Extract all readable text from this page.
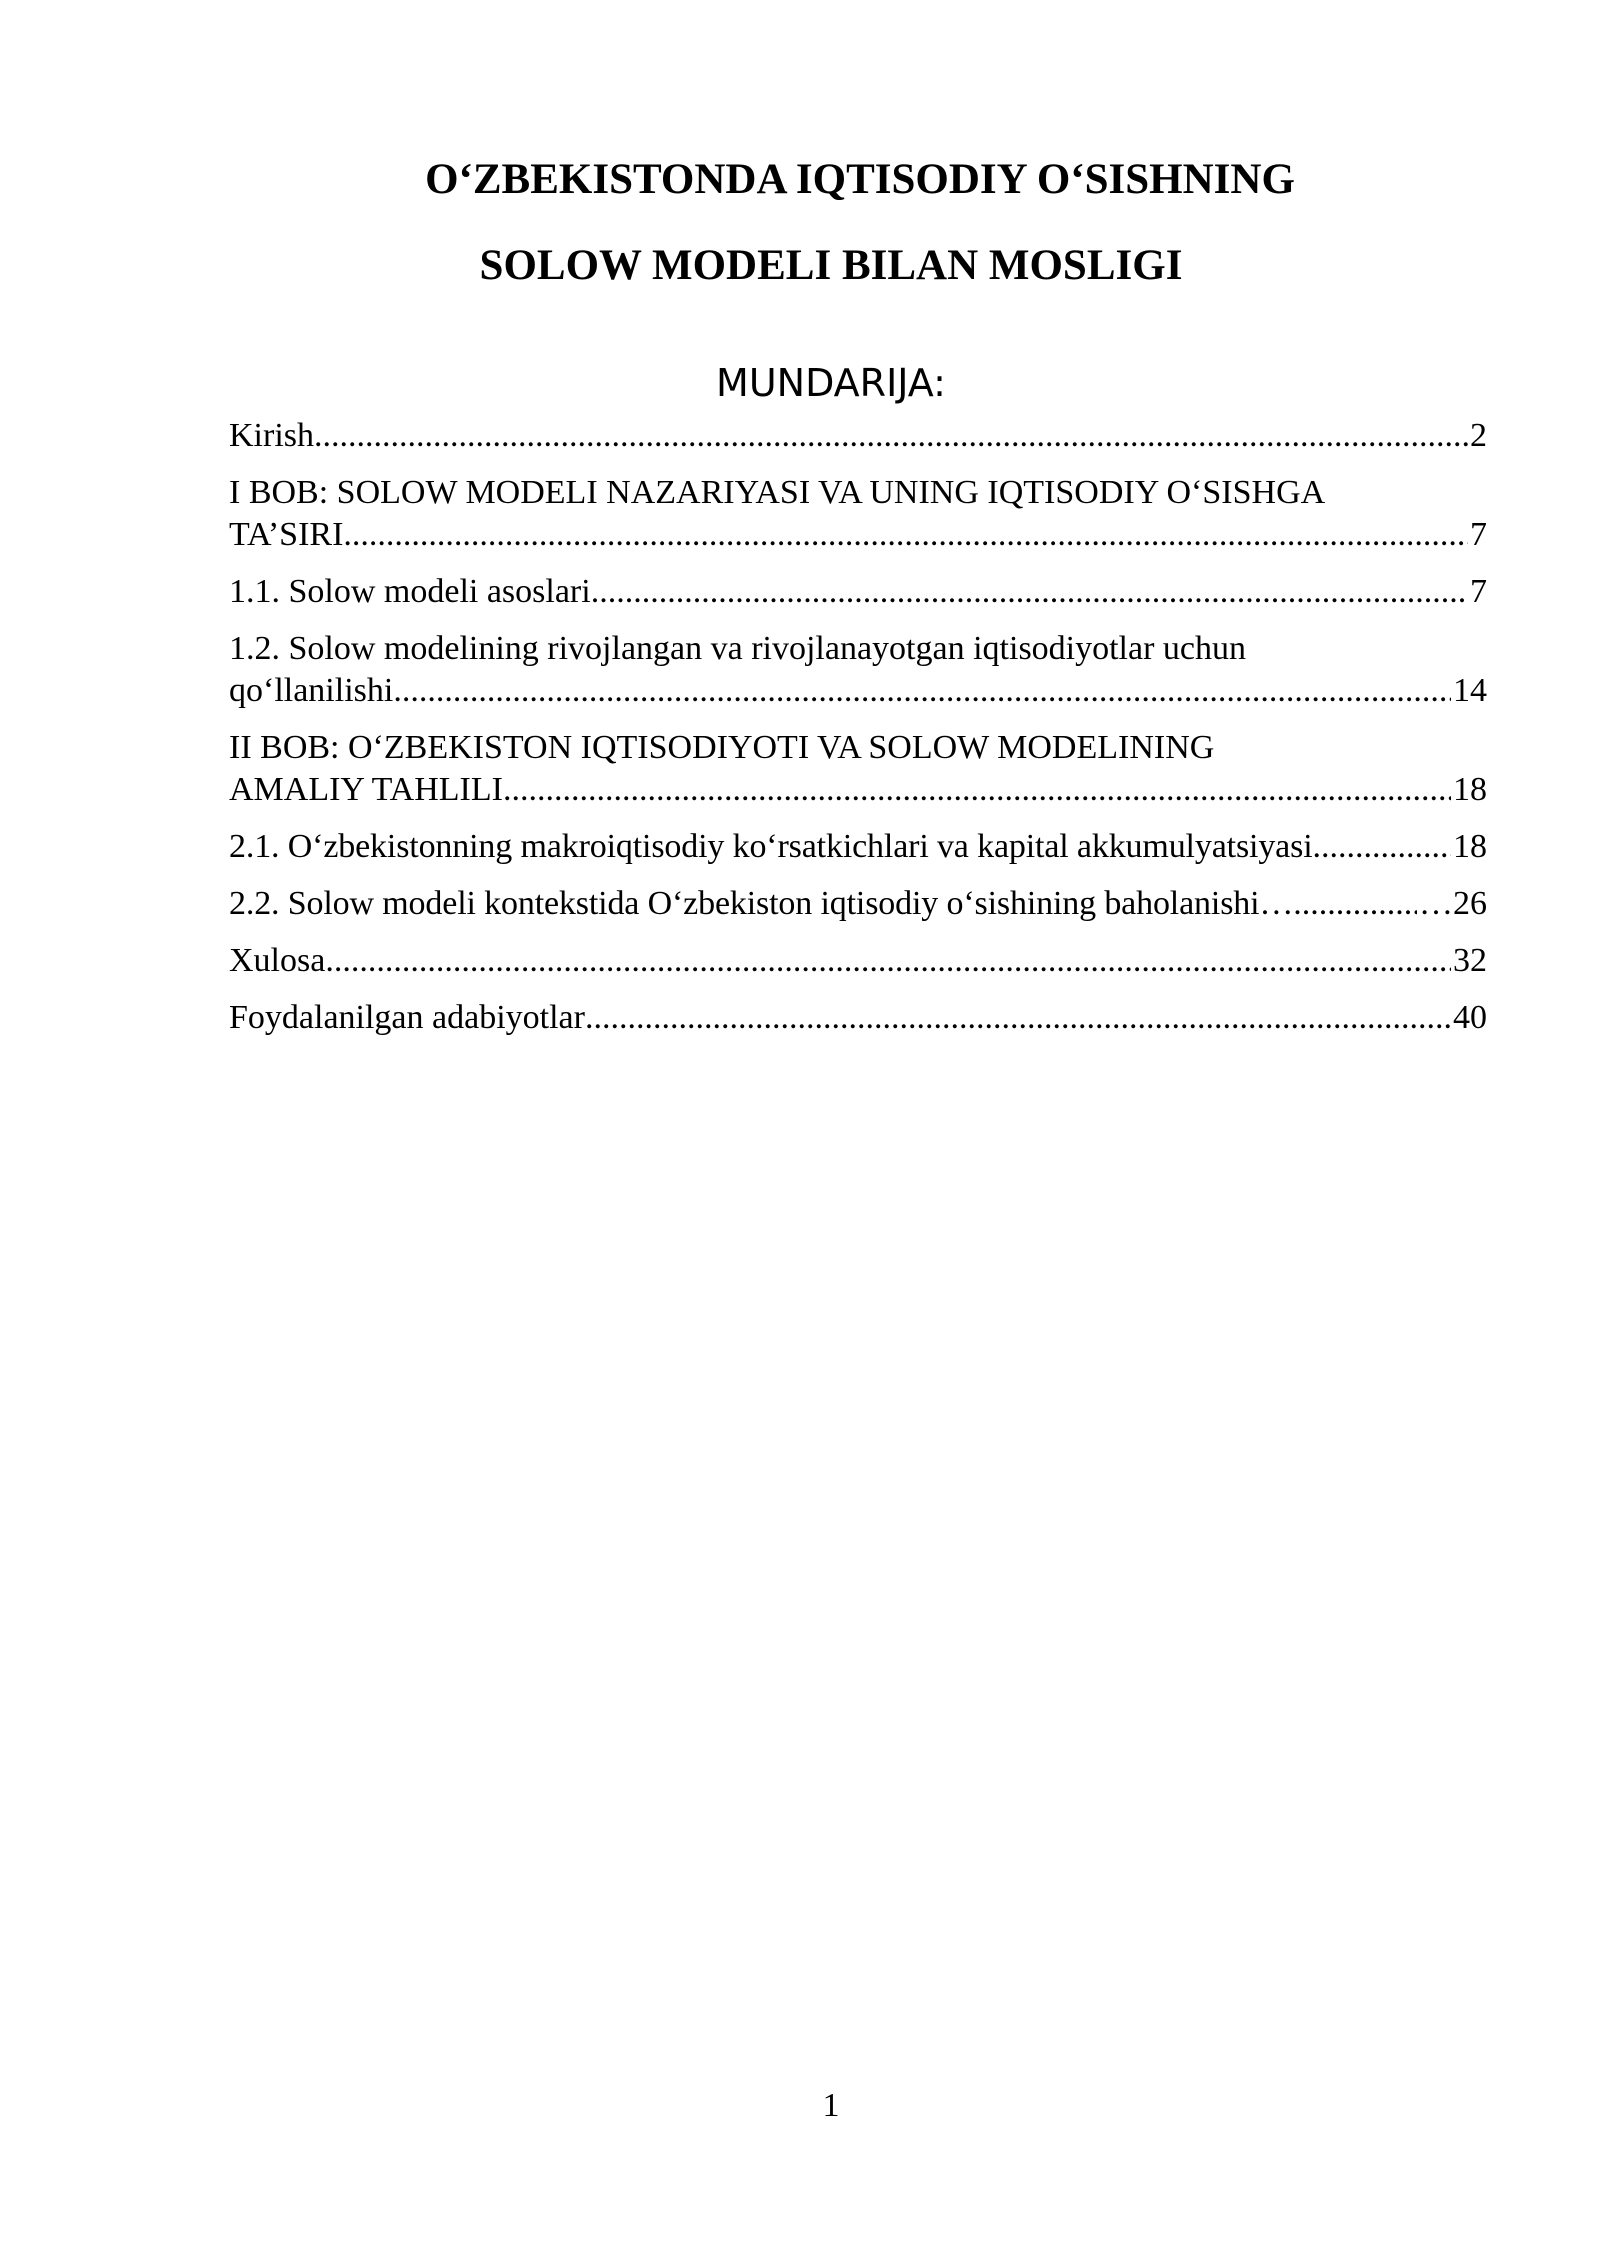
O‘ZBEKISTONDA IQTISODIY O‘SISHNING
SOLOW MODELI BILAN MOSLIGI
MUNDARIJA:
Kirish .....	2
I BOB: SOLOW MODELI NAZARIYASI VA UNING IQTISODIY O‘SISHGA
TA’SIRI .....	7
1.1. Solow modeli asoslari .....	7
1.2. Solow modelining rivojlangan va rivojlanayotgan iqtisodiyotlar uchun
qo‘llanilishi .....	14
II BOB: O‘ZBEKISTON IQTISODIYOTI VA SOLOW MODELINING
AMALIY TAHLILI .....	18
2.1. O‘zbekistonning makroiqtisodiy ko‘rsatkichlari va kapital akkumulyatsiyasi .....	18
2.2. Solow modeli kontekstida O‘zbekiston iqtisodiy o‘sishining baholanishi… .....	…26
Xulosa .....	32
Foydalanilgan adabiyotlar .....	40
1
